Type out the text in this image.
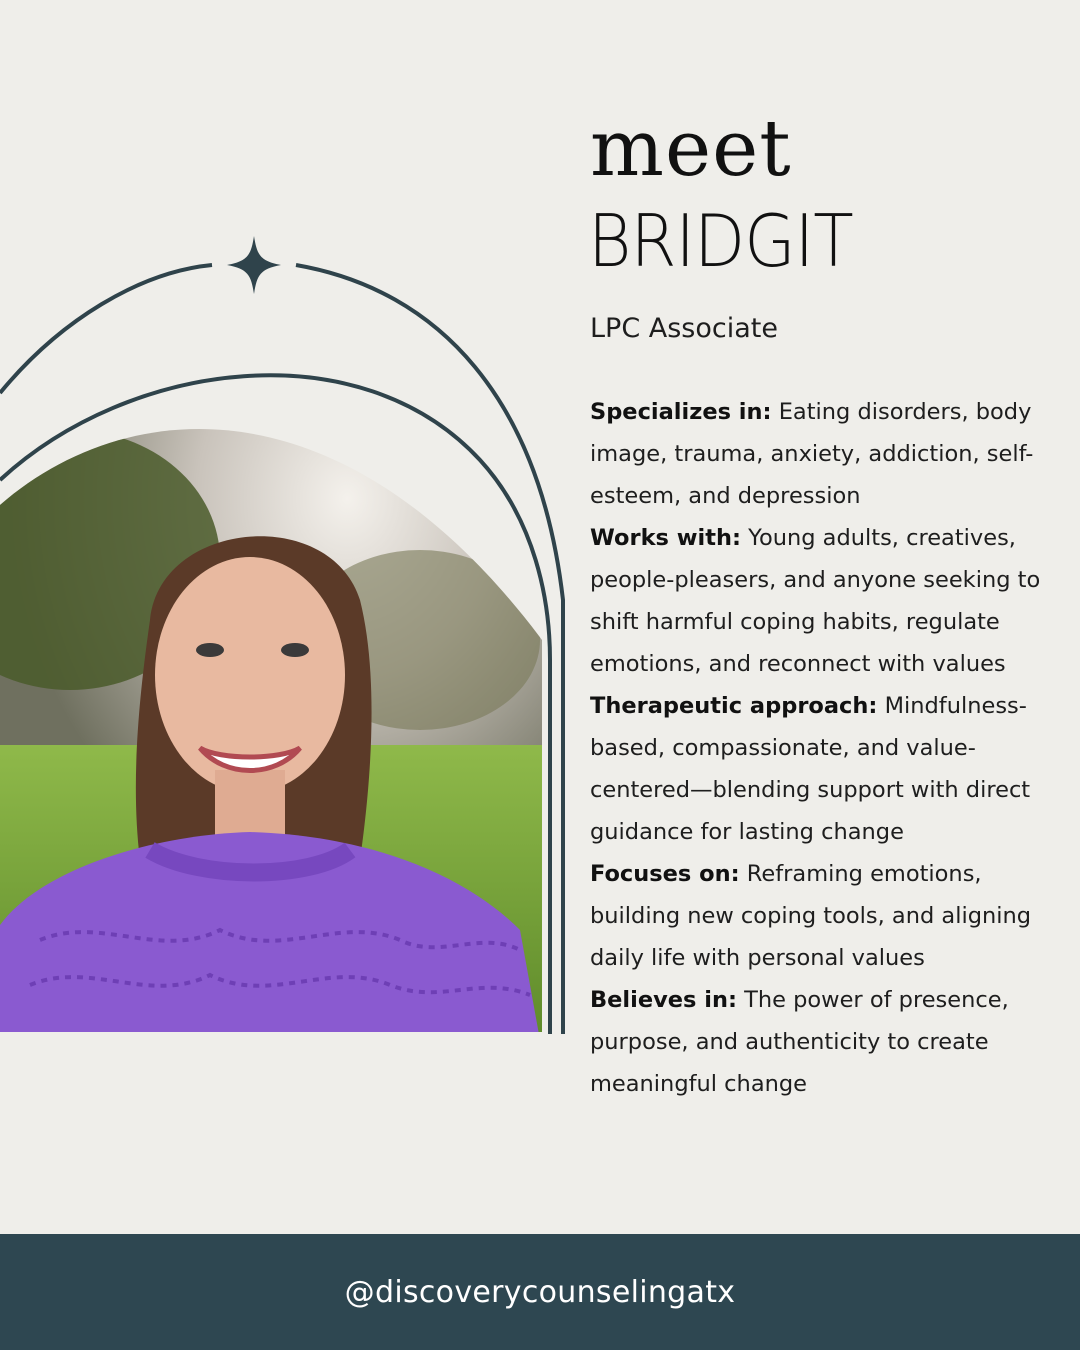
meet
BRIDGIT
LPC Associate

Specializes in: Eating disorders, body image, trauma, anxiety, addiction, self-esteem, and depression

Works with: Young adults, creatives, people-pleasers, and anyone seeking to shift harmful coping habits, regulate emotions, and reconnect with values

Therapeutic approach: Mindfulness-based, compassionate, and value-centered—blending support with direct guidance for lasting change

Focuses on: Reframing emotions, building new coping tools, and aligning daily life with personal values

Believes in: The power of presence, purpose, and authenticity to create meaningful change

@discoverycounselingatx
